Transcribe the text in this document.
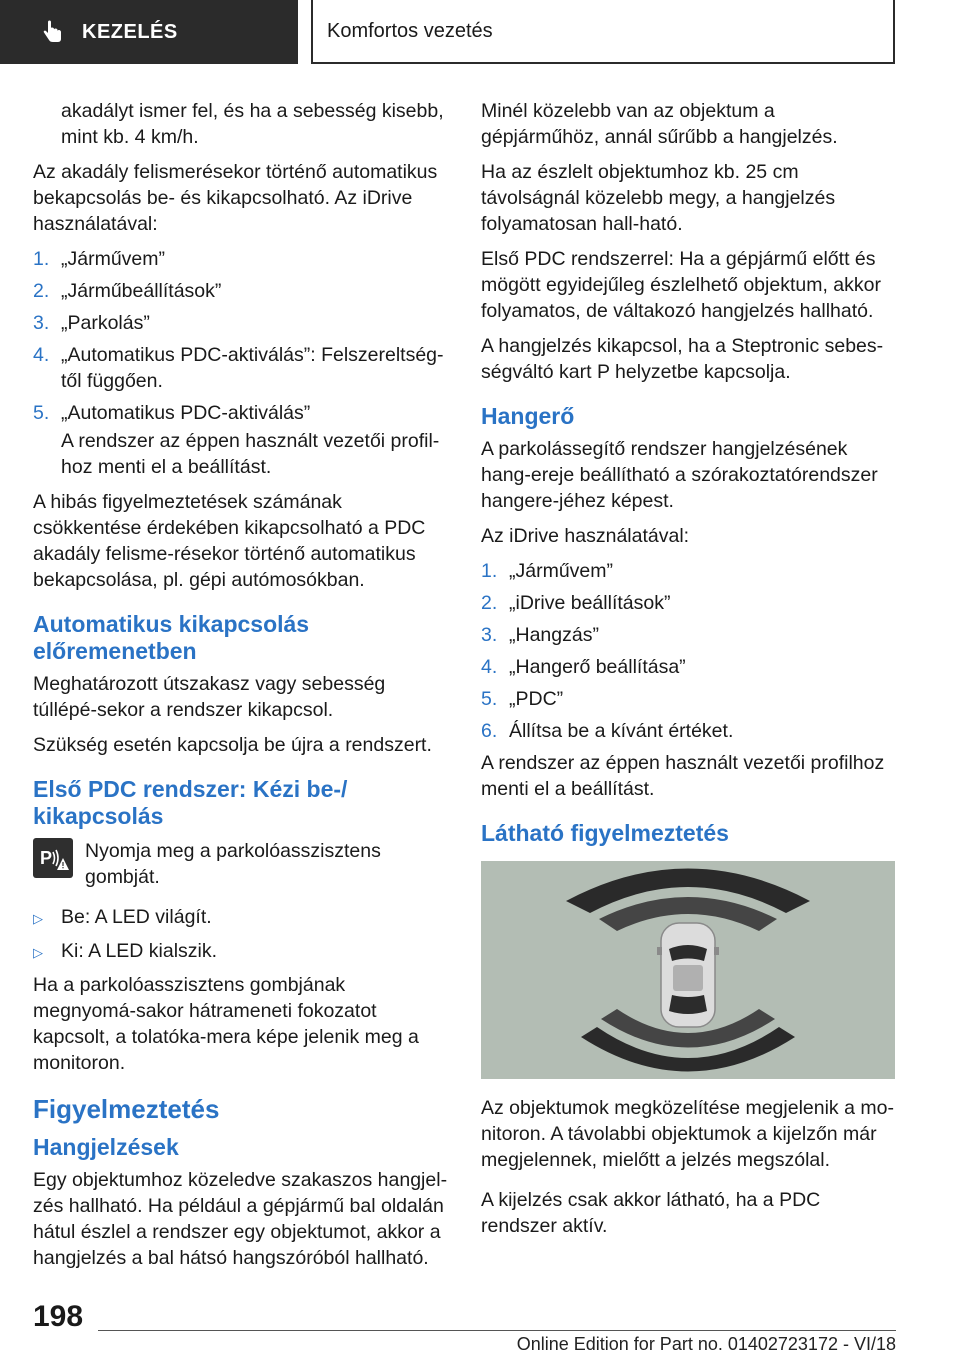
KEZELÉS	Komfortos vezetés
akadályt ismer fel, és ha a sebesség kisebb, mint kb. 4 km/h.
Az akadály felismerésekor történő automatikus bekapcsolás be- és kikapcsolható. Az iDrive használatával:
1. „Járművem”
2. „Járműbeállítások”
3. „Parkolás”
4. „Automatikus PDC-aktiválás”: Felszereltség-től függően.
5. „Automatikus PDC-aktiválás”
A rendszer az éppen használt vezetői profil-hoz menti el a beállítást.
A hibás figyelmeztetések számának csökkentése érdekében kikapcsolható a PDC akadály felisme-résekor történő automatikus bekapcsolása, pl. gépi autómosókban.
Automatikus kikapcsolás előremenetben
Meghatározott útszakasz vagy sebesség túllépé-sekor a rendszer kikapcsol.
Szükség esetén kapcsolja be újra a rendszert.
Első PDC rendszer: Kézi be-/ kikapcsolás
P Nyomja meg a parkolóasszisztens gombját.
▷ Be: A LED világít.
▷ Ki: A LED kialszik.
Ha a parkolóasszisztens gombjának megnyomá-sakor hátrameneti fokozatot kapcsolt, a tolatóka-mera képe jelenik meg a monitoron.
Figyelmeztetés
Hangjelzések
Egy objektumhoz közeledve szakaszos hangjel-zés hallható. Ha például a gépjármű bal oldalán hátul észlel a rendszer egy objektumot, akkor a hangjelzés a bal hátsó hangszóróból hallható.
Minél közelebb van az objektum a gépjárműhöz, annál sűrűbb a hangjelzés.
Ha az észlelt objektumhoz kb. 25 cm távolságnál közelebb megy, a hangjelzés folyamatosan hall-ható.
Első PDC rendszerrel: Ha a gépjármű előtt és mögött egyidejűleg észlelhető objektum, akkor folyamatos, de váltakozó hangjelzés hallható.
A hangjelzés kikapcsol, ha a Steptronic sebes-ségváltó kart P helyzetbe kapcsolja.
Hangerő
A parkolássegítő rendszer hangjelzésének hang-ereje beállítható a szórakoztatórendszer hangere-jéhez képest.
Az iDrive használatával:
1. „Járművem”
2. „iDrive beállítások”
3. „Hangzás”
4. „Hangerő beállítása”
5. „PDC”
6. Állítsa be a kívánt értéket.
A rendszer az éppen használt vezetői profilhoz menti el a beállítást.
Látható figyelmeztetés
Az objektumok megközelítése megjelenik a mo-nitoron. A távolabbi objektumok a kijelzőn már megjelennek, mielőtt a jelzés megszólal.
A kijelzés csak akkor látható, ha a PDC rendszer aktív.
198
Online Edition for Part no. 01402723172 - VI/18
